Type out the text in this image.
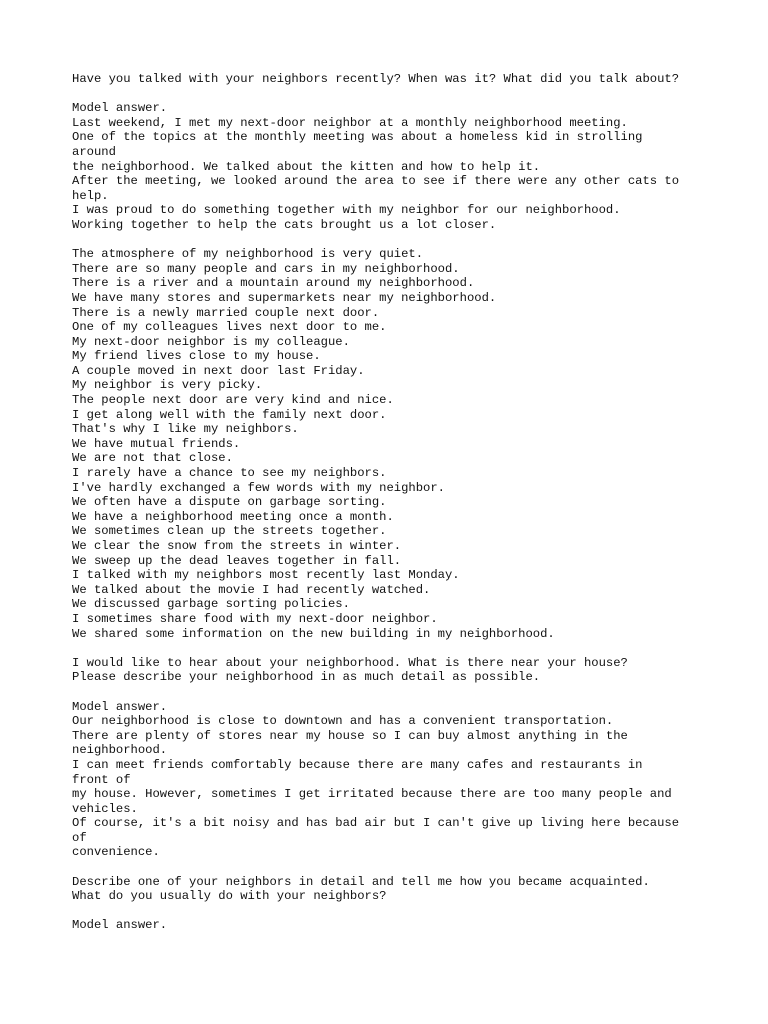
Have you talked with your neighbors recently? When was it? What did you talk about?
Model answer.
Last weekend, I met my next-door neighbor at a monthly neighborhood meeting.
One of the topics at the monthly meeting was about a homeless kid in strolling
around
the neighborhood. We talked about the kitten and how to help it.
After the meeting, we looked around the area to see if there were any other cats to
help.
I was proud to do something together with my neighbor for our neighborhood.
Working together to help the cats brought us a lot closer.
The atmosphere of my neighborhood is very quiet.
There are so many people and cars in my neighborhood.
There is a river and a mountain around my neighborhood.
We have many stores and supermarkets near my neighborhood.
There is a newly married couple next door.
One of my colleagues lives next door to me.
My next-door neighbor is my colleague.
My friend lives close to my house.
A couple moved in next door last Friday.
My neighbor is very picky.
The people next door are very kind and nice.
I get along well with the family next door.
That's why I like my neighbors.
We have mutual friends.
We are not that close.
I rarely have a chance to see my neighbors.
I've hardly exchanged a few words with my neighbor.
We often have a dispute on garbage sorting.
We have a neighborhood meeting once a month.
We sometimes clean up the streets together.
We clear the snow from the streets in winter.
We sweep up the dead leaves together in fall.
I talked with my neighbors most recently last Monday.
We talked about the movie I had recently watched.
We discussed garbage sorting policies.
I sometimes share food with my next-door neighbor.
We shared some information on the new building in my neighborhood.
I would like to hear about your neighborhood. What is there near your house?
Please describe your neighborhood in as much detail as possible.
Model answer.
Our neighborhood is close to downtown and has a convenient transportation.
There are plenty of stores near my house so I can buy almost anything in the
neighborhood.
I can meet friends comfortably because there are many cafes and restaurants in
front of
my house. However, sometimes I get irritated because there are too many people and
vehicles.
Of course, it's a bit noisy and has bad air but I can't give up living here because
of
convenience.
Describe one of your neighbors in detail and tell me how you became acquainted.
What do you usually do with your neighbors?
Model answer.
